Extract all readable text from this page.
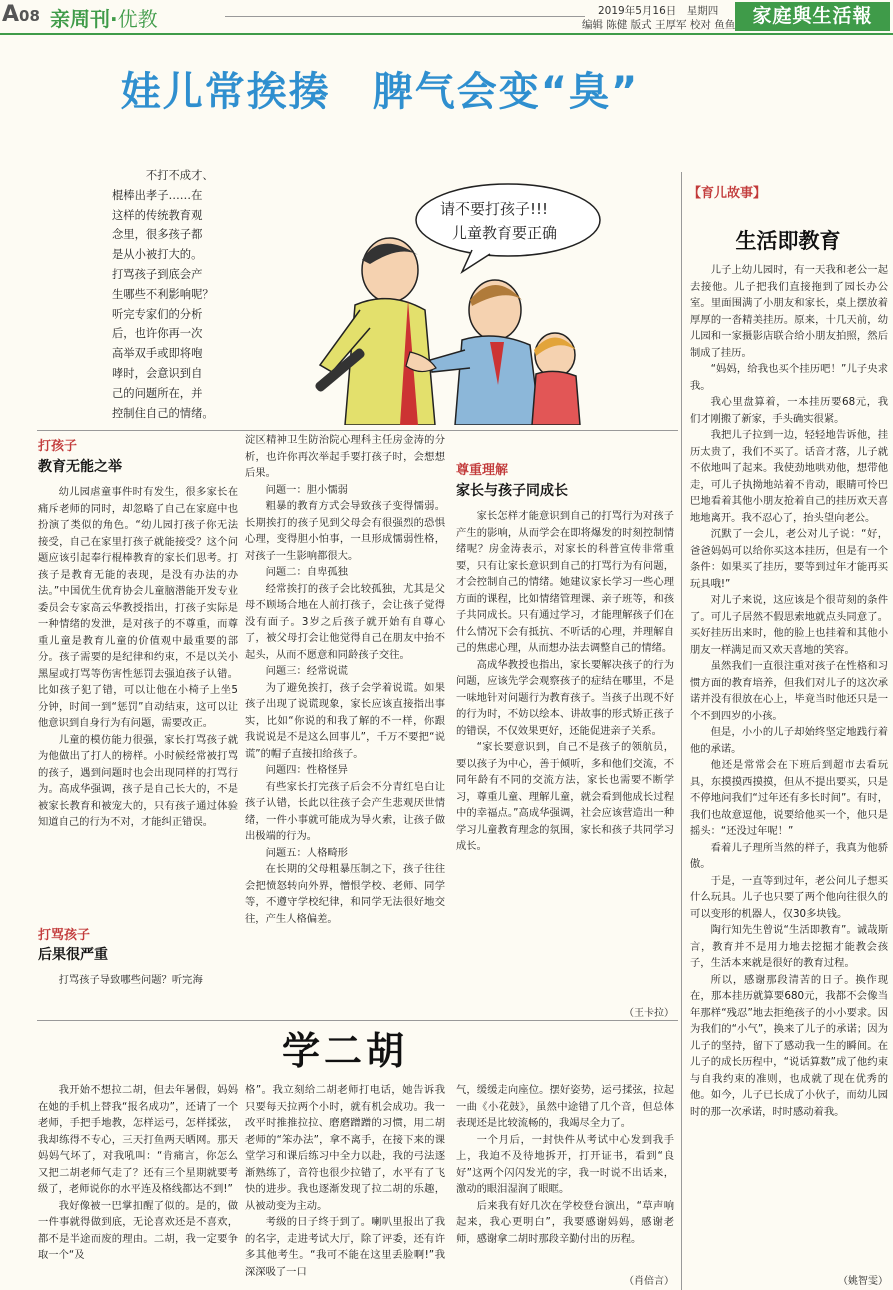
A08 亲周刊·优教	2019年5月16日　星期四
编辑 陈健 版式 王厚军 校对 鱼鱼 家庭與生活報
娃儿常挨揍　脾气会变“臭”
不打不成才、
棍棒出孝子……在
这样的传统教育观
念里，很多孩子都
是从小被打大的。
打骂孩子到底会产
生哪些不利影响呢？
听完专家们的分析
后，也许你再一次
高举双手或即将咆
哮时，会意识到自
己的问题所在，并
控制住自己的情绪。
请不要打孩子!!!
儿童教育要正确
打孩子
教育无能之举

幼儿园虐童事件时有发生，很多家长在痛斥老师的同时，却忽略了自己在家庭中也扮演了类似的角色。“幼儿园打孩子你无法接受，自己在家里打孩子就能接受？这个问题应该引起奉行棍棒教育的家长们思考。打孩子是教育无能的表现，是没有办法的办法。”中国优生优育协会儿童脑潜能开发专业委员会专家高云华教授指出，打孩子实际是一种情绪的发泄，是对孩子的不尊重，而尊重儿童是教育儿童的价值观中最重要的部分。孩子需要的是纪律和约束，不是以关小黑屋或打骂等伤害性惩罚去强迫孩子认错。比如孩子犯了错，可以让他在小椅子上坐5分钟，时间一到“惩罚”自动结束，这可以让他意识到自身行为有问题，需要改正。

儿童的模仿能力很强，家长打骂孩子就为他做出了打人的榜样。小时候经常被打骂的孩子，遇到问题时也会出现同样的打骂行为。高成华强调，孩子是自己长大的，不是被家长教育和被宠大的，只有孩子通过体验知道自己的行为不对，才能纠正错误。

打骂孩子
后果很严重

打骂孩子导致哪些问题？听完海

淀区精神卫生防治院心理科主任房金涛的分析，也许你再次举起手要打孩子时，会想想后果。

问题一：胆小懦弱

粗暴的教育方式会导致孩子变得懦弱。长期挨打的孩子见到父母会有很强烈的恐惧心理，变得胆小怕事，一旦形成懦弱性格，对孩子一生影响都很大。

问题二：自卑孤独

经常挨打的孩子会比较孤独，尤其是父母不顾场合地在人前打孩子，会让孩子觉得没有面子。3岁之后孩子就开始有自尊心了，被父母打会让他觉得自己在朋友中抬不起头，从而不愿意和同龄孩子交往。

问题三：经常说谎

为了避免挨打，孩子会学着说谎。如果孩子出现了说谎现象，家长应该直接指出事实，比如“你说的和我了解的不一样，你跟我说说是不是这么回事儿”，千万不要把“说谎”的帽子直接扣给孩子。

问题四：性格怪异

有些家长打完孩子后会不分青红皂白让孩子认错，长此以往孩子会产生悲观厌世情绪，一件小事就可能成为导火索，让孩子做出极端的行为。

问题五：人格畸形

在长期的父母粗暴压制之下，孩子往往会把愤怒转向外界，憎恨学校、老师、同学等，不遵守学校纪律，和同学无法很好地交往，产生人格偏差。

尊重理解
家长与孩子同成长

家长怎样才能意识到自己的打骂行为对孩子产生的影响，从而学会在即将爆发的时刻控制情绪呢？房金涛表示，对家长的科普宣传非常重要，只有让家长意识到自己的打骂行为有问题，才会控制自己的情绪。她建议家长学习一些心理方面的课程，比如情绪管理课、亲子班等，和孩子共同成长。只有通过学习，才能理解孩子们在什么情况下会有抵抗、不听话的心理，并理解自己的焦虑心理，从而想办法去调整自己的情绪。

高成华教授也指出，家长要解决孩子的行为问题，应该先学会观察孩子的症结在哪里，不是一味地针对问题行为教育孩子。当孩子出现不好的行为时，不妨以绘本、讲故事的形式矫正孩子的错误，不仅效果更好，还能促进亲子关系。

“家长要意识到，自己不是孩子的领航员，要以孩子为中心，善于倾听，多和他们交流，不同年龄有不同的交流方法，家长也需要不断学习，尊重儿童、理解儿童，就会看到他成长过程中的幸福点。”高成华强调，社会应该营造出一种学习儿童教育理念的氛围，家长和孩子共同学习成长。

（王卡拉）
【育儿故事】
生活即教育

儿子上幼儿园时，有一天我和老公一起去接他。儿子把我们直接拖到了园长办公室。里面围满了小朋友和家长，桌上摆放着厚厚的一沓精美挂历。原来，十几天前，幼儿园和一家摄影店联合给小朋友拍照，然后制成了挂历。

“妈妈，给我也买个挂历吧！”儿子央求我。

我心里盘算着，一本挂历要68元，我们才刚搬了新家，手头确实很紧。

我把儿子拉到一边，轻轻地告诉他，挂历太贵了，我们不买了。话音才落，儿子就不依地叫了起来。我使劲地哄劝他，想带他走，可儿子执拗地站着不肯动，眼睛可怜巴巴地看着其他小朋友抢着自己的挂历欢天喜地地离开。我不忍心了，抬头望向老公。

沉默了一会儿，老公对儿子说：“好，爸爸妈妈可以给你买这本挂历，但是有一个条件：如果买了挂历，要等到过年才能再买玩具哦!”

对儿子来说，这应该是个很苛刻的条件了。可儿子居然不假思索地就点头同意了。买好挂历出来时，他的脸上也挂着和其他小朋友一样满足而又欢天喜地的笑容。

虽然我们一直很注重对孩子在性格和习惯方面的教育培养，但我们对儿子的这次承诺并没有很放在心上，毕竟当时他还只是一个不到四岁的小孩。

但是，小小的儿子却始终坚定地践行着他的承诺。

他还是常常会在下班后到超市去看玩具，东摸摸西摸摸，但从不提出要买，只是不停地问我们“过年还有多长时间”。有时，我们也故意逗他，说要给他买一个，他只是摇头：“还没过年呢！”

看着儿子理所当然的样子，我真为他骄傲。

于是，一直等到过年，老公问儿子想买什么玩具。儿子也只要了两个他向往很久的可以变形的机器人，仅30多块钱。

陶行知先生曾说“生活即教育”。诚哉斯言，教育并不是用力地去挖掘才能教会孩子，生活本来就是很好的教育过程。

所以，感谢那段清苦的日子。换作现在，那本挂历就算要680元，我都不会像当年那样“残忍”地去拒绝孩子的小小要求。因为我们的“小气”，换来了儿子的承诺；因为儿子的坚持，留下了感动我一生的瞬间。在儿子的成长历程中，“说话算数”成了他约束与自我约束的准则，也成就了现在优秀的他。如今，儿子已长成了小伙子，而幼儿园时的那一次承诺，时时感动着我。

（姚智雯）
学二胡

我开始不想拉二胡，但去年暑假，妈妈在她的手机上替我“报名成功”，还请了一个老师，手把手地教，怎样运弓，怎样揉弦，我却练得不专心，三天打鱼两天晒网。那天妈妈气坏了，对我吼叫：“肯痛言，你怎么又把二胡老师气走了？还有三个星期就要考级了，老师说你的水平连及格线都达不到!”

我好像被一巴掌扣醒了似的。是的，做一件事就得做到底，无论喜欢还是不喜欢，都不是半途而废的理由。二胡，我一定要争取一个“及

格”。我立刻给二胡老师打电话，她告诉我只要每天拉两个小时，就有机会成功。我一改平时推推拉拉、磨磨蹭蹭的习惯，用二胡老师的“笨办法”，拿不离手，在接下来的课堂学习和课后练习中全力以赴，我的弓法逐渐熟练了，音符也很少拉错了，水平有了飞快的进步。我也逐渐发现了拉二胡的乐趣，从被动变为主动。

考级的日子终于到了。喇叭里报出了我的名字，走进考试大厅，除了评委，还有许多其他考生。“我可不能在这里丢脸啊!”我深深吸了一口

气，缓缓走向座位。摆好姿势，运弓揉弦，拉起一曲《小花鼓》，虽然中途错了几个音，但总体表现还是比较流畅的，我竭尽全力了。

一个月后，一封快件从考试中心发到我手上，我迫不及待地拆开，打开证书，看到“良好”这两个闪闪发光的字，我一时说不出话来，激动的眼泪湿润了眼眶。

后来我有好几次在学校登台演出，“草声响起来，我心更明白”，我要感谢妈妈，感谢老师，感谢拿二胡时那段辛勤付出的历程。

（肖倍言）
